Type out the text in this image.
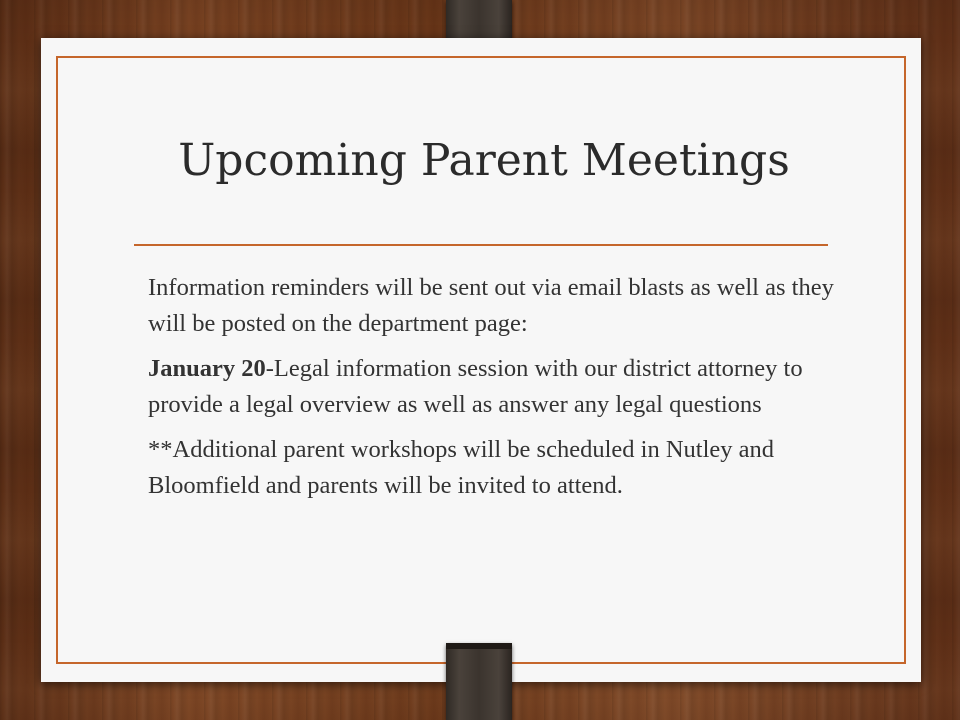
Upcoming Parent Meetings

Information reminders will be sent out via email blasts as well as they will be posted on the department page:

January 20-Legal information session with our district attorney to provide a legal overview as well as answer any legal questions

**Additional parent workshops will be scheduled in Nutley and Bloomfield and parents will be invited to attend.
